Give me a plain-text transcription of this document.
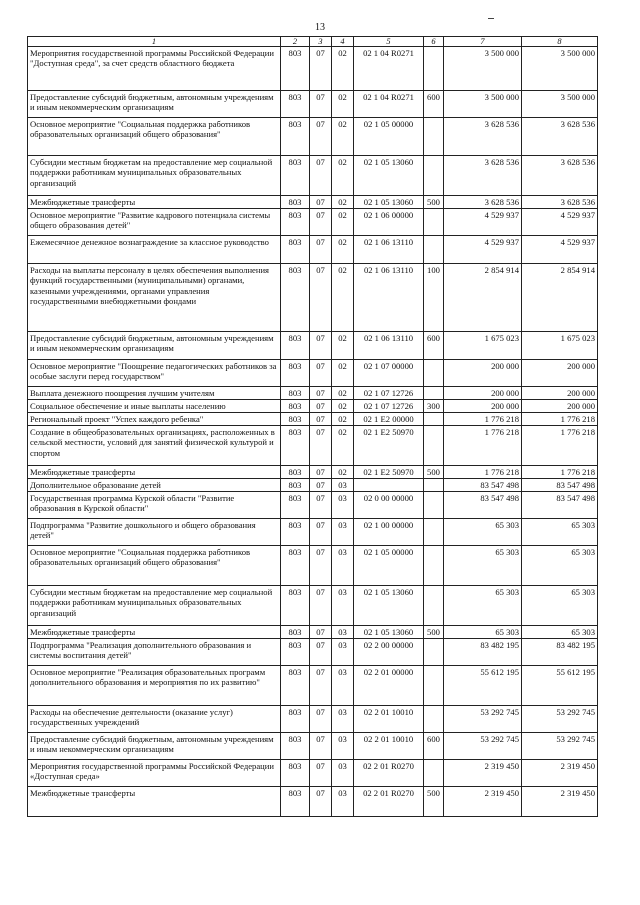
13
1	2	3	4	5	6	7	8
Мероприятия государственной программы Российской Федерации "Доступная среда", за счет средств областного бюджета	803	07	02	02 1 04 R0271		3 500 000	3 500 000
Предоставление субсидий бюджетным, автономным учреждениям и иным некоммерческим организациям	803	07	02	02 1 04 R0271	600	3 500 000	3 500 000
Основное мероприятие "Социальная поддержка работников образовательных организаций общего образования"	803	07	02	02 1 05 00000		3 628 536	3 628 536
Субсидии местным бюджетам на предоставление мер социальной поддержки работникам муниципальных образовательных организаций	803	07	02	02 1 05 13060		3 628 536	3 628 536
Межбюджетные трансферты	803	07	02	02 1 05 13060	500	3 628 536	3 628 536
Основное мероприятие "Развитие кадрового потенциала системы общего образования детей"	803	07	02	02 1 06 00000		4 529 937	4 529 937
Ежемесячное денежное вознаграждение за классное руководство	803	07	02	02 1 06 13110		4 529 937	4 529 937
Расходы на выплаты персоналу в целях обеспечения выполнения функций государственными (муниципальными) органами, казенными учреждениями, органами управления государственными внебюджетными фондами	803	07	02	02 1 06 13110	100	2 854 914	2 854 914
Предоставление субсидий бюджетным, автономным учреждениям и иным некоммерческим организациям	803	07	02	02 1 06 13110	600	1 675 023	1 675 023
Основное мероприятие "Поощрение педагогических работников за особые заслуги перед государством"	803	07	02	02 1 07 00000		200 000	200 000
Выплата денежного поощрения лучшим учителям	803	07	02	02 1 07 12726		200 000	200 000
Социальное обеспечение и иные выплаты населению	803	07	02	02 1 07 12726	300	200 000	200 000
Региональный проект "Успех каждого ребенка"	803	07	02	02 1 E2 00000		1 776 218	1 776 218
Создание в общеобразовательных организациях, расположенных в сельской местности, условий для занятий физической культурой и спортом	803	07	02	02 1 E2 50970		1 776 218	1 776 218
Межбюджетные трансферты	803	07	02	02 1 E2 50970	500	1 776 218	1 776 218
Дополнительное образование детей	803	07	03			83 547 498	83 547 498
Государственная программа Курской области "Развитие образования в Курской области"	803	07	03	02 0 00 00000		83 547 498	83 547 498
Подпрограмма "Развитие дошкольного и общего образования детей"	803	07	03	02 1 00 00000		65 303	65 303
Основное мероприятие "Социальная поддержка работников образовательных организаций общего образования"	803	07	03	02 1 05 00000		65 303	65 303
Субсидии местным бюджетам на предоставление мер социальной поддержки работникам муниципальных образовательных организаций	803	07	03	02 1 05 13060		65 303	65 303
Межбюджетные трансферты	803	07	03	02 1 05 13060	500	65 303	65 303
Подпрограмма "Реализация дополнительного образования и системы воспитания детей"	803	07	03	02 2 00 00000		83 482 195	83 482 195
Основное мероприятие "Реализация образовательных программ дополнительного образования и мероприятия по их развитию"	803	07	03	02 2 01 00000		55 612 195	55 612 195
Расходы на обеспечение деятельности (оказание услуг) государственных учреждений	803	07	03	02 2 01 10010		53 292 745	53 292 745
Предоставление субсидий бюджетным, автономным учреждениям и иным некоммерческим организациям	803	07	03	02 2 01 10010	600	53 292 745	53 292 745
Мероприятия государственной программы Российской Федерации «Доступная среда»	803	07	03	02 2 01 R0270		2 319 450	2 319 450
Межбюджетные трансферты	803	07	03	02 2 01 R0270	500	2 319 450	2 319 450
